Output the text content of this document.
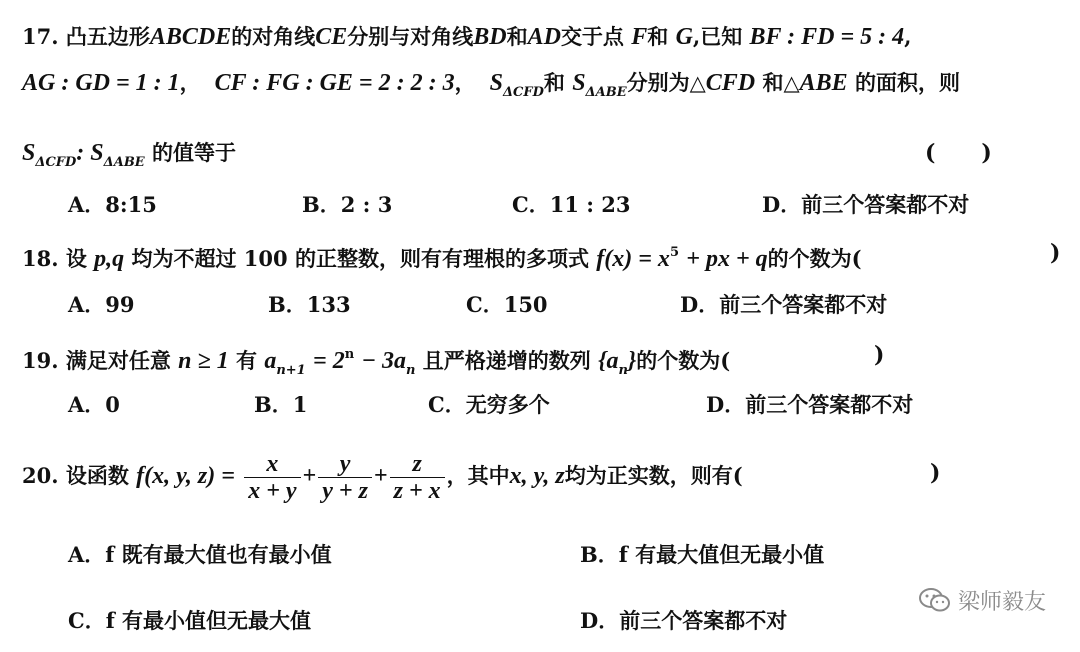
17. 凸五边形ABCDE的对角线CE分别与对角线BD和AD交于点 F和 G,已知 BF : FD = 5 : 4,
AG : GD = 1 : 1， CF : FG : GE = 2 : 2 : 3， $S_{\Delta CFD}$和 $S_{\Delta ABE}$分别为△CFD 和△ABE 的面积，则
$S_{\Delta CFD}$: $S_{\Delta ABE}$ 的值等于	(      )
A．8:15	B．2 : 3	C．11 : 23	D．前三个答案都不对
18. 设 p,q 均为不超过 100 的正整数，则有有理根的多项式 $f(x) = x^5$ + px + q的个数为(	)
A．99	B．133	C．150	D．前三个答案都不对
19. 满足对任意 n ≥ 1 有 $a_{n+1} = 2^n - 3a_n$ 且严格递增的数列 $\{a_n\}$的个数为(	)
A．0	B．1	C．无穷多个	D．前三个答案都不对
20. 设函数 f(x, y, $z) = \frac{x}{x + y} + \frac{y}{y + z} + \frac{z}{z + x}$ ，其中x, y, z均为正实数，则有(	)
A．f 既有最大值也有最小值	B．f 有最大值但无最小值
C．f 有最小值但无最大值	D．前三个答案都不对
梁师毅友
